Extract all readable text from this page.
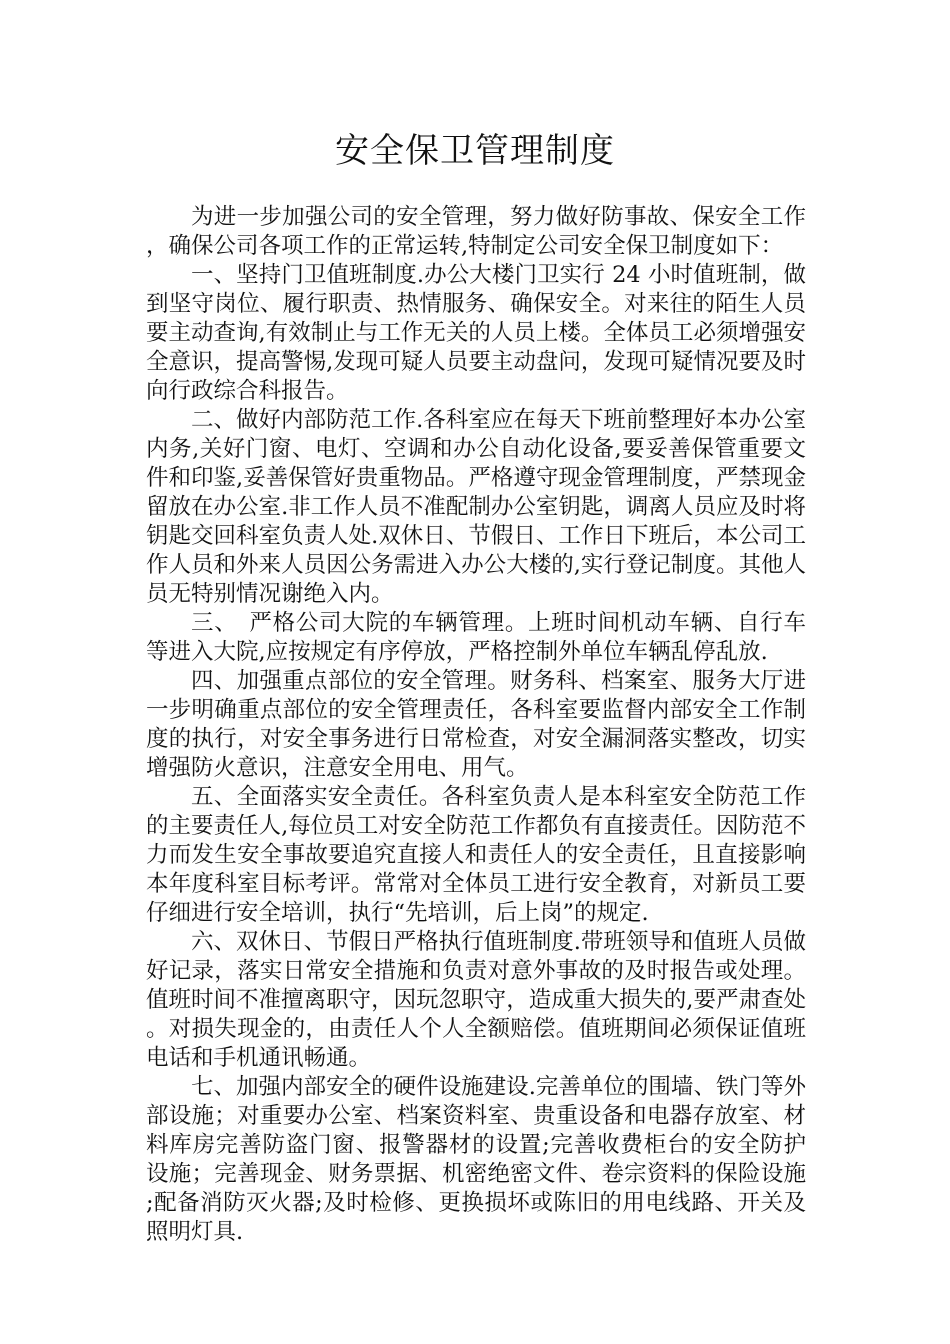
安全保卫管理制度

为进一步加强公司的安全管理，努力做好防事故、保安全工作，确保公司各项工作的正常运转,特制定公司安全保卫制度如下：

一、坚持门卫值班制度.办公大楼门卫实行 24 小时值班制，做到坚守岗位、履行职责、热情服务、确保安全。对来往的陌生人员要主动查询,有效制止与工作无关的人员上楼。全体员工必须增强安全意识，提高警惕,发现可疑人员要主动盘问，发现可疑情况要及时向行政综合科报告。

二、做好内部防范工作.各科室应在每天下班前整理好本办公室内务,关好门窗、电灯、空调和办公自动化设备,要妥善保管重要文件和印鉴,妥善保管好贵重物品。严格遵守现金管理制度，严禁现金留放在办公室.非工作人员不准配制办公室钥匙，调离人员应及时将钥匙交回科室负责人处.双休日、节假日、工作日下班后，本公司工作人员和外来人员因公务需进入办公大楼的,实行登记制度。其他人员无特别情况谢绝入内。

三、　严格公司大院的车辆管理。上班时间机动车辆、自行车等进入大院,应按规定有序停放，严格控制外单位车辆乱停乱放.

四、加强重点部位的安全管理。财务科、档案室、服务大厅进一步明确重点部位的安全管理责任，各科室要监督内部安全工作制度的执行，对安全事务进行日常检查，对安全漏洞落实整改，切实增强防火意识，注意安全用电、用气。

五、全面落实安全责任。各科室负责人是本科室安全防范工作的主要责任人,每位员工对安全防范工作都负有直接责任。因防范不力而发生安全事故要追究直接人和责任人的安全责任，且直接影响本年度科室目标考评。常常对全体员工进行安全教育，对新员工要仔细进行安全培训，执行“先培训，后上岗”的规定.

六、双休日、节假日严格执行值班制度.带班领导和值班人员做好记录，落实日常安全措施和负责对意外事故的及时报告或处理。值班时间不准擅离职守，因玩忽职守，造成重大损失的,要严肃查处。对损失现金的，由责任人个人全额赔偿。值班期间必须保证值班电话和手机通讯畅通。

七、加强内部安全的硬件设施建设.完善单位的围墙、铁门等外部设施；对重要办公室、档案资料室、贵重设备和电器存放室、材料库房完善防盗门窗、报警器材的设置;完善收费柜台的安全防护设施；完善现金、财务票据、机密绝密文件、卷宗资料的保险设施;配备消防灭火器;及时检修、更换损坏或陈旧的用电线路、开关及照明灯具.
